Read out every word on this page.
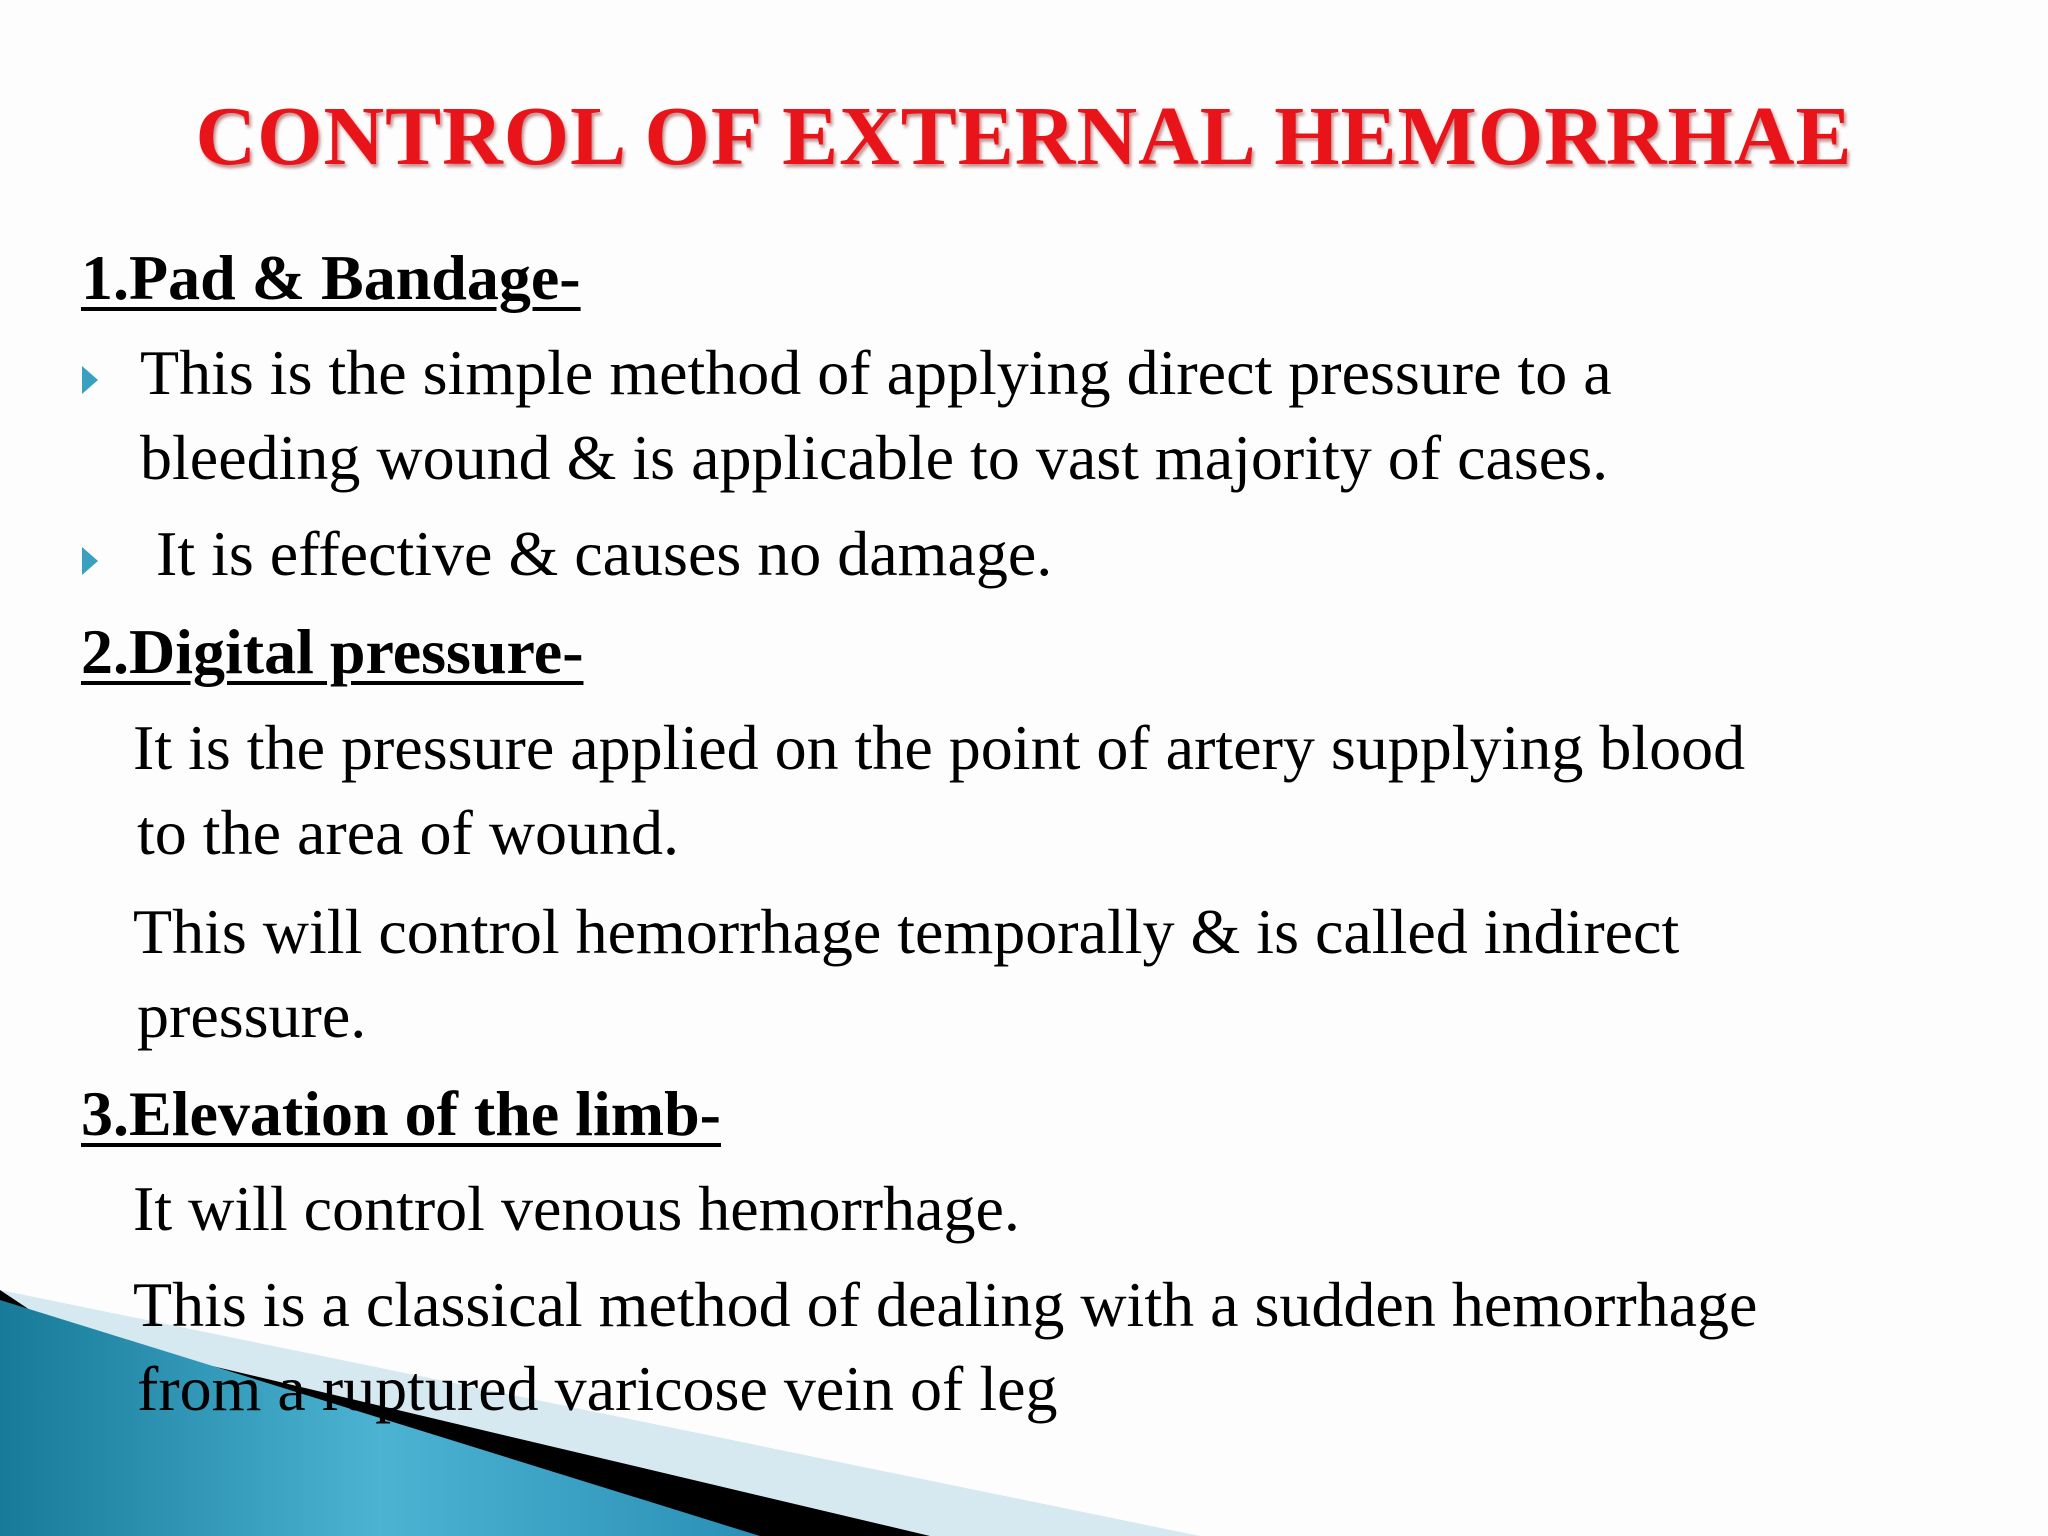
CONTROL OF EXTERNAL HEMORRHAE
1.Pad & Bandage-
This is the simple method of applying direct pressure to a
bleeding wound & is applicable to vast majority of cases.
It is effective & causes no damage.
2.Digital pressure-
It is the pressure applied on the point of artery supplying blood
to the area of wound.
This will control hemorrhage temporally & is called indirect
pressure.
3.Elevation of the limb-
It will control venous hemorrhage.
This is a classical method of dealing with a sudden hemorrhage
from a ruptured varicose vein of leg
